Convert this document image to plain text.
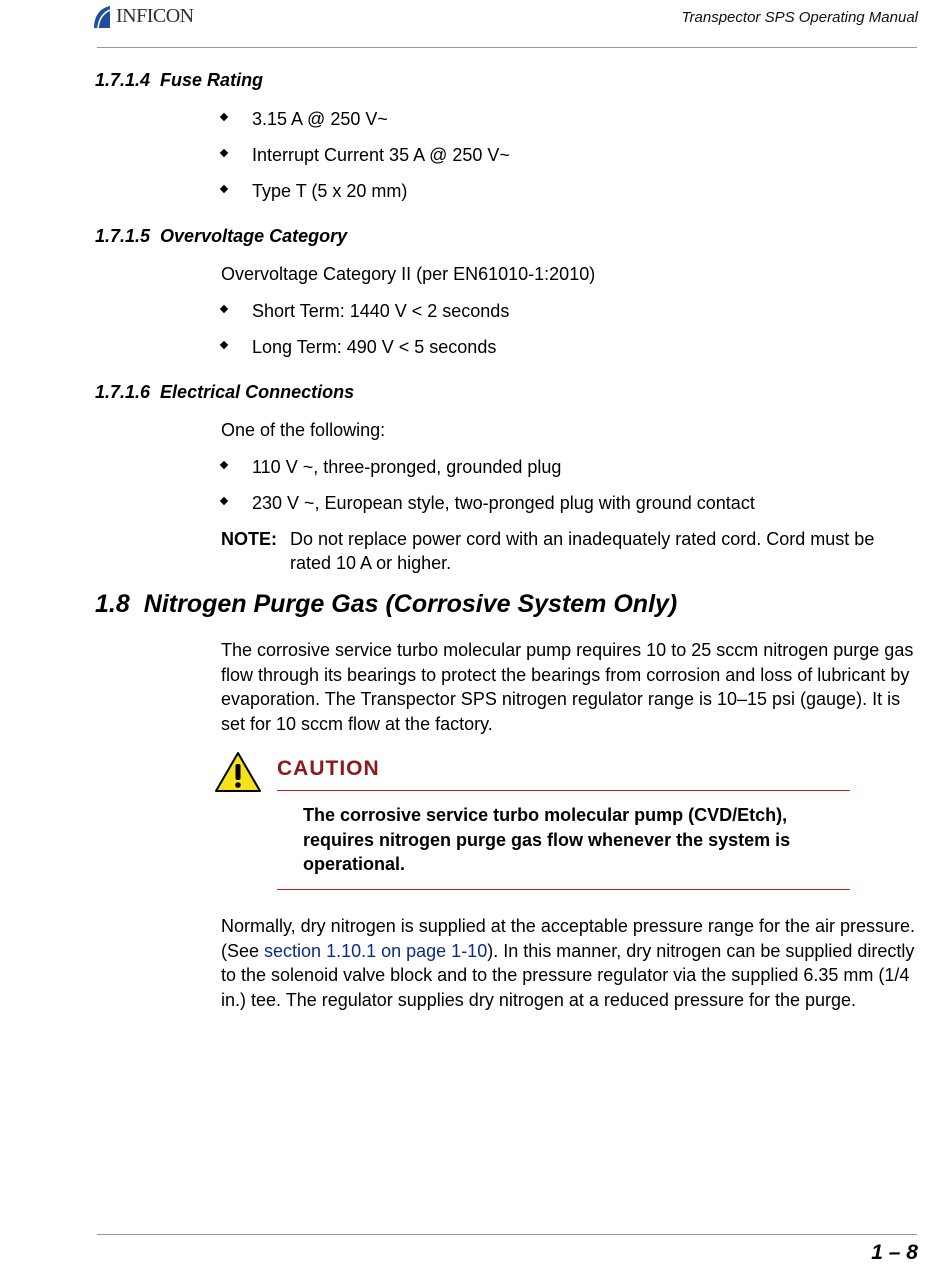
INFICON	Transpector SPS Operating Manual
1.7.1.4 Fuse Rating
3.15 A @ 250 V~
Interrupt Current 35 A @ 250 V~
Type T (5 x 20 mm)
1.7.1.5 Overvoltage Category
Overvoltage Category II (per EN61010-1:2010)
Short Term: 1440 V < 2 seconds
Long Term: 490 V < 5 seconds
1.7.1.6 Electrical Connections
One of the following:
110 V ~, three-pronged, grounded plug
230 V ~, European style, two-pronged plug with ground contact
NOTE: Do not replace power cord with an inadequately rated cord. Cord must be rated 10 A or higher.
1.8 Nitrogen Purge Gas (Corrosive System Only)
The corrosive service turbo molecular pump requires 10 to 25 sccm nitrogen purge gas flow through its bearings to protect the bearings from corrosion and loss of lubricant by evaporation. The Transpector SPS nitrogen regulator range is 10–15 psi (gauge). It is set for 10 sccm flow at the factory.
CAUTION
The corrosive service turbo molecular pump (CVD/Etch), requires nitrogen purge gas flow whenever the system is operational.
Normally, dry nitrogen is supplied at the acceptable pressure range for the air pressure. (See section 1.10.1 on page 1-10). In this manner, dry nitrogen can be supplied directly to the solenoid valve block and to the pressure regulator via the supplied 6.35 mm (1/4 in.) tee. The regulator supplies dry nitrogen at a reduced pressure for the purge.
1 – 8
